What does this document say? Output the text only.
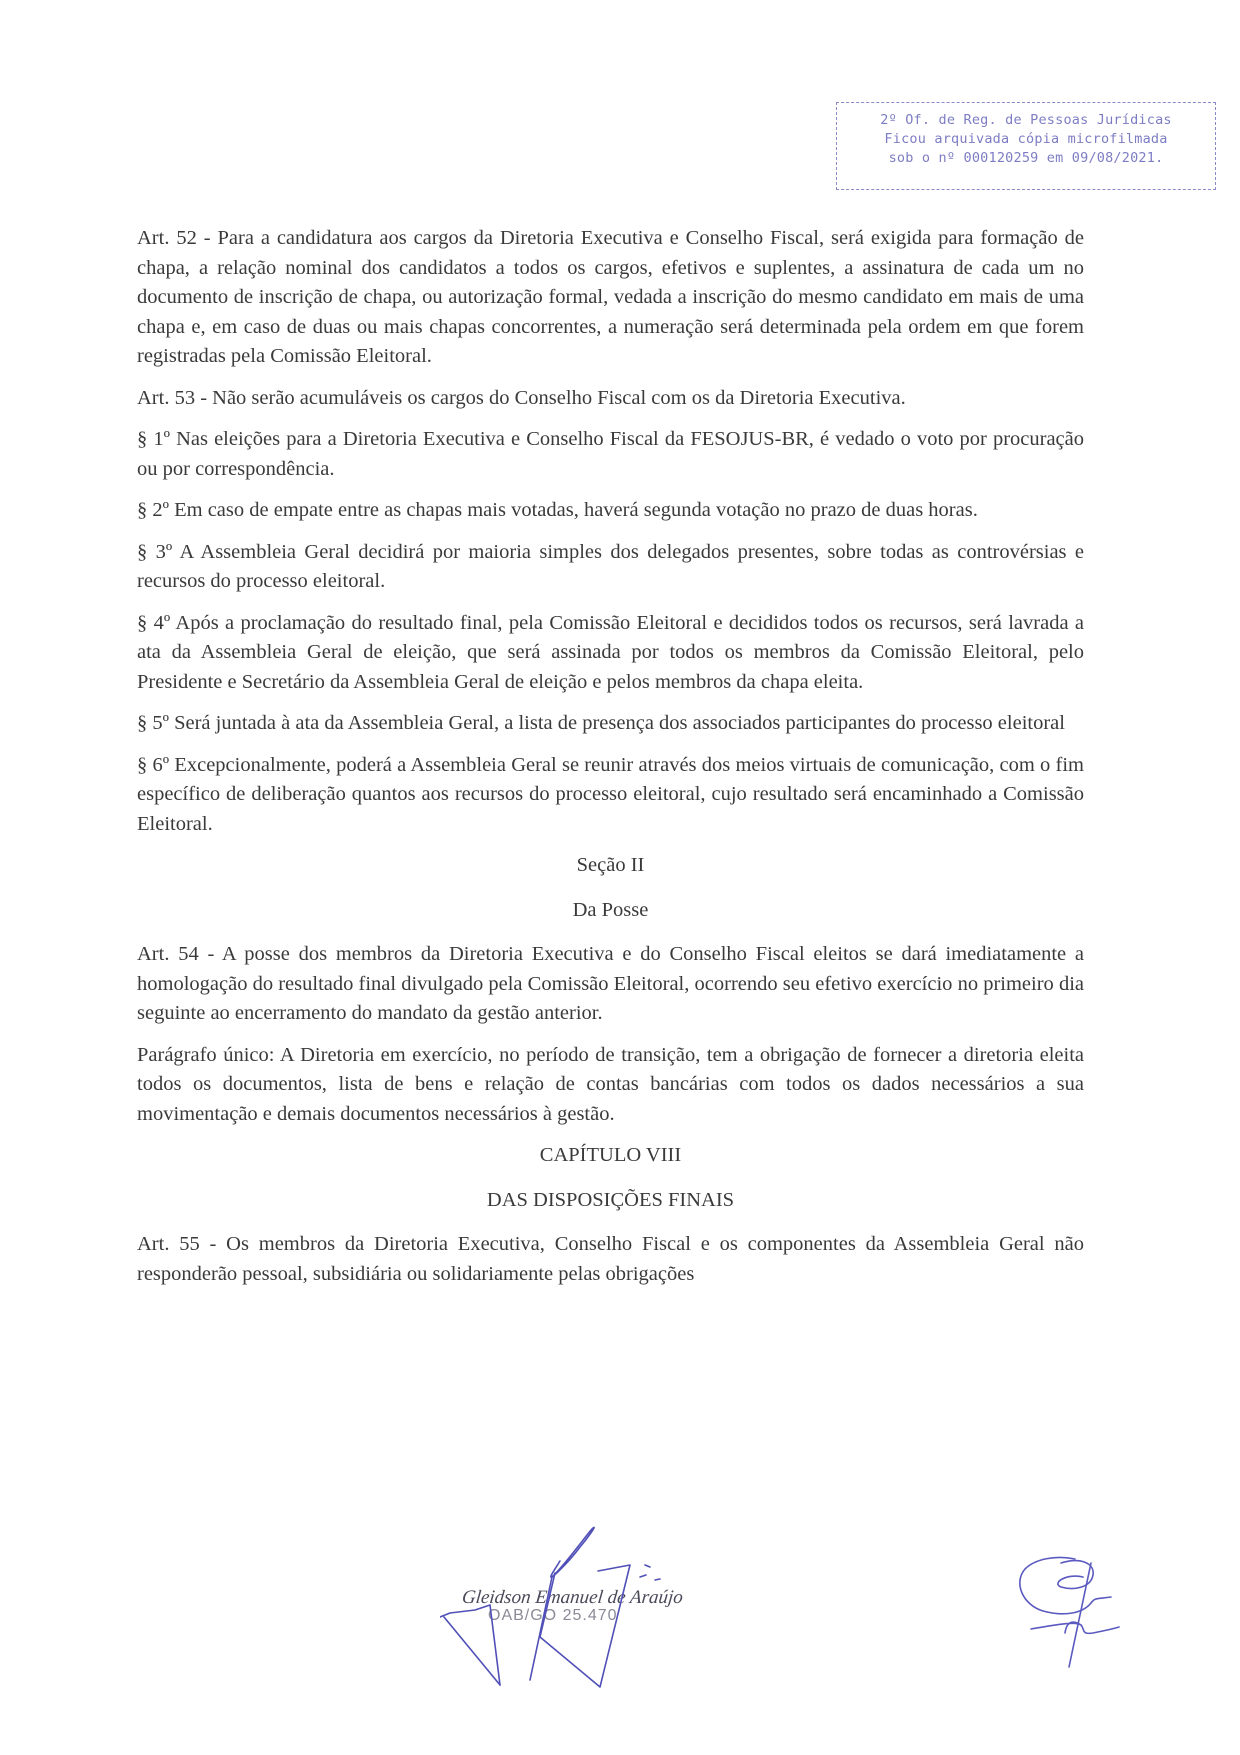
2º Of. de Reg. de Pessoas Jurídicas
Ficou arquivada cópia microfilmada
sob o nº 000120259 em 09/08/2021.

Art. 52 - Para a candidatura aos cargos da Diretoria Executiva e Conselho Fiscal, será exigida para formação de chapa, a relação nominal dos candidatos a todos os cargos, efetivos e suplentes, a assinatura de cada um no documento de inscrição de chapa, ou autorização formal, vedada a inscrição do mesmo candidato em mais de uma chapa e, em caso de duas ou mais chapas concorrentes, a numeração será determinada pela ordem em que forem registradas pela Comissão Eleitoral.

Art. 53 - Não serão acumuláveis os cargos do Conselho Fiscal com os da Diretoria Executiva.

§ 1º Nas eleições para a Diretoria Executiva e Conselho Fiscal da FESOJUS-BR, é vedado o voto por procuração ou por correspondência.

§ 2º Em caso de empate entre as chapas mais votadas, haverá segunda votação no prazo de duas horas.

§ 3º A Assembleia Geral decidirá por maioria simples dos delegados presentes, sobre todas as controvérsias e recursos do processo eleitoral.

§ 4º Após a proclamação do resultado final, pela Comissão Eleitoral e decididos todos os recursos, será lavrada a ata da Assembleia Geral de eleição, que será assinada por todos os membros da Comissão Eleitoral, pelo Presidente e Secretário da Assembleia Geral de eleição e pelos membros da chapa eleita.

§ 5º Será juntada à ata da Assembleia Geral, a lista de presença dos associados participantes do processo eleitoral

§ 6º Excepcionalmente, poderá a Assembleia Geral se reunir através dos meios virtuais de comunicação, com o fim específico de deliberação quantos aos recursos do processo eleitoral, cujo resultado será encaminhado a Comissão Eleitoral.

Seção II

Da Posse

Art. 54 - A posse dos membros da Diretoria Executiva e do Conselho Fiscal eleitos se dará imediatamente a homologação do resultado final divulgado pela Comissão Eleitoral, ocorrendo seu efetivo exercício no primeiro dia seguinte ao encerramento do mandato da gestão anterior.

Parágrafo único: A Diretoria em exercício, no período de transição, tem a obrigação de fornecer a diretoria eleita todos os documentos, lista de bens e relação de contas bancárias com todos os dados necessários a sua movimentação e demais documentos necessários à gestão.

CAPÍTULO VIII

DAS DISPOSIÇÕES FINAIS

Art. 55 - Os membros da Diretoria Executiva, Conselho Fiscal e os componentes da Assembleia Geral não responderão pessoal, subsidiária ou solidariamente pelas obrigações

Gleidson Emanuel de Araújo
OAB/GO 25.470
